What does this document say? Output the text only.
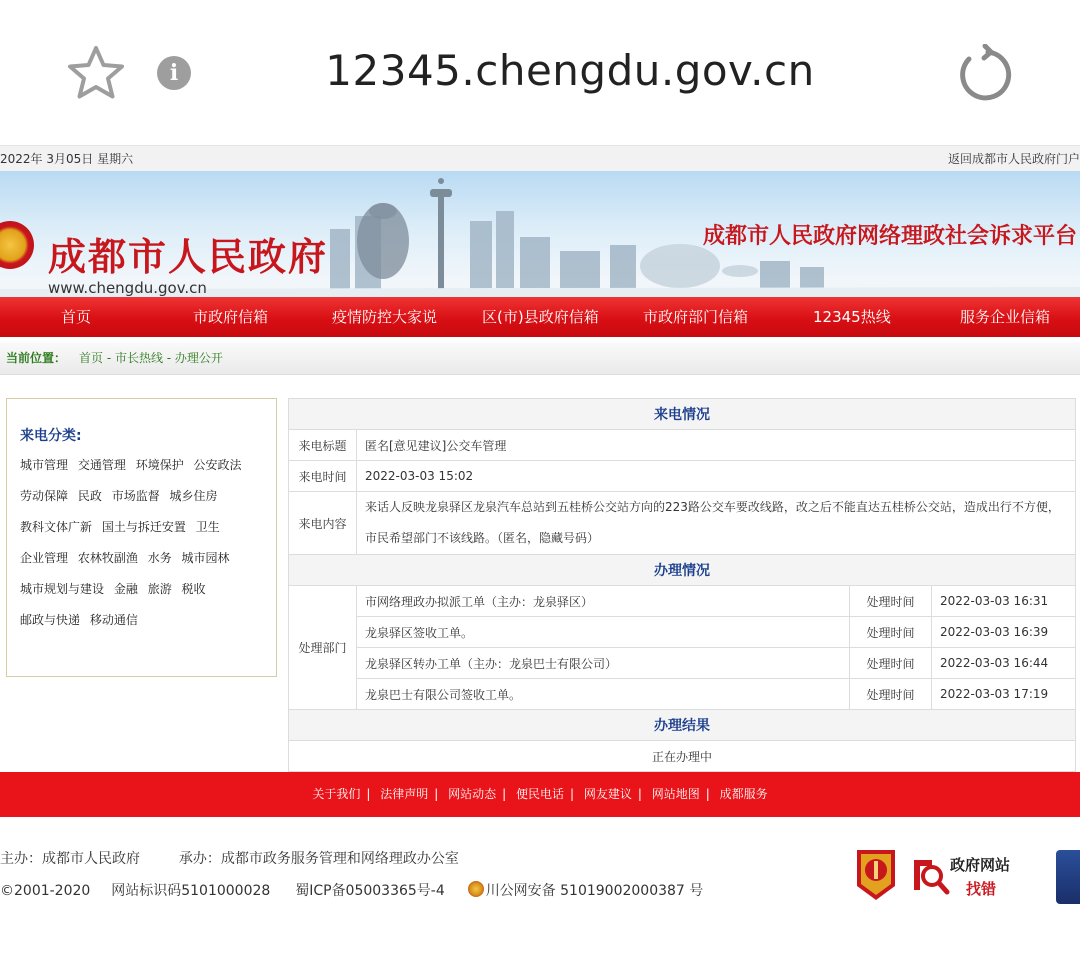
i	12345.chengdu.gov.cn
2022年 3月05日 星期六	返回成都市人民政府门户
成都市人民政府
www.chengdu.gov.cn
成都市人民政府网络理政社会诉求平台
首页	市政府信箱	疫情防控大家说	区(市)县政府信箱	市政府部门信箱	12345热线	服务企业信箱
当前位置： 首页 - 市长热线 - 办理公开
来电分类:
城市管理 交通管理 环境保护 公安政法
劳动保障 民政 市场监督 城乡住房
教科文体广新 国土与拆迁安置 卫生
企业管理 农林牧副渔 水务 城市园林
城市规划与建设 金融 旅游 税收
邮政与快递 移动通信
来电情况			
来电标题	匿名[意见建议]公交车管理		
来电时间	2022-03-03 15:02		
来电内容	来话人反映龙泉驿区龙泉汽车总站到五桂桥公交站方向的223路公交车要改线路，改之后不能直达五桂桥公交站，造成出行不方便，市民希望部门不该线路。（匿名，隐藏号码）		
办理情况			
处理部门	市网络理政办拟派工单（主办：龙泉驿区）	处理时间	2022-03-03 16:31
	龙泉驿区签收工单。	处理时间	2022-03-03 16:39
	龙泉驿区转办工单（主办：龙泉巴士有限公司）	处理时间	2022-03-03 16:44
	龙泉巴士有限公司签收工单。	处理时间	2022-03-03 17:19
办理结果			
正在办理中			
关于我们 | 法律声明 | 网站动态 | 便民电话 | 网友建议 | 网站地图 | 成都服务
主办：成都市人民政府	承办：成都市政务服务管理和网络理政办公室
©2001-2020 网站标识码5101000028 蜀ICP备05003365号-4	川公网安备 51019002000387 号
政府网站
找错
